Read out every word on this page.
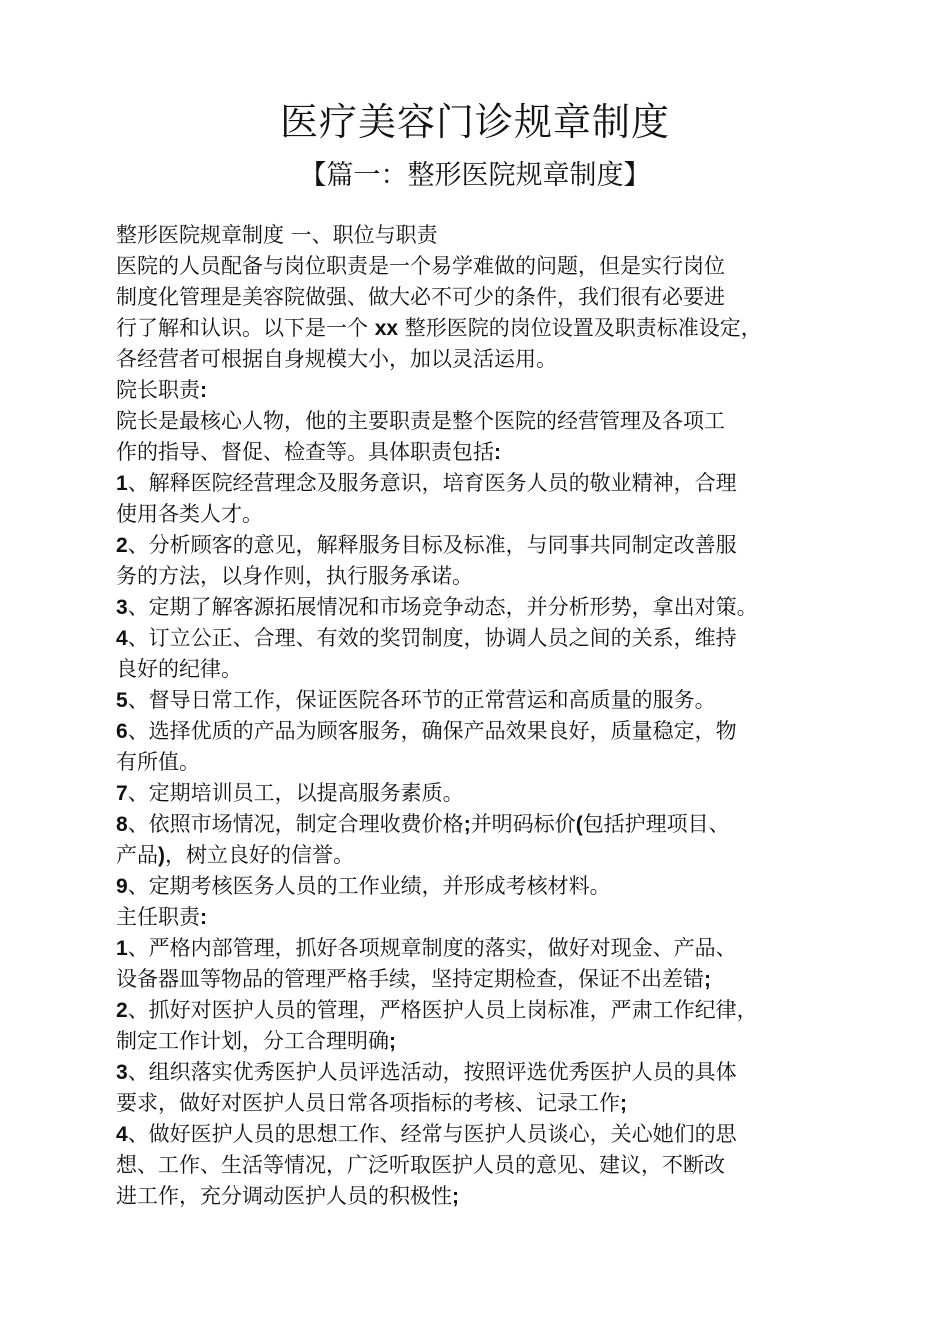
医疗美容门诊规章制度
【篇一：整形医院规章制度】
整形医院规章制度 一、职位与职责
医院的人员配备与岗位职责是一个易学难做的问题，但是实行岗位
制度化管理是美容院做强、做大必不可少的条件，我们很有必要进
行了解和认识。以下是一个 xx 整形医院的岗位设置及职责标准设定，
各经营者可根据自身规模大小，加以灵活运用。
院长职责:
院长是最核心人物，他的主要职责是整个医院的经营管理及各项工
作的指导、督促、检查等。具体职责包括:
1、解释医院经营理念及服务意识，培育医务人员的敬业精神，合理
使用各类人才。
2、分析顾客的意见，解释服务目标及标准，与同事共同制定改善服
务的方法，以身作则，执行服务承诺。
3、定期了解客源拓展情况和市场竞争动态，并分析形势，拿出对策。
4、订立公正、合理、有效的奖罚制度，协调人员之间的关系，维持
良好的纪律。
5、督导日常工作，保证医院各环节的正常营运和高质量的服务。
6、选择优质的产品为顾客服务，确保产品效果良好，质量稳定，物
有所值。
7、定期培训员工，以提高服务素质。
8、依照市场情况，制定合理收费价格;并明码标价(包括护理项目、
产品)，树立良好的信誉。
9、定期考核医务人员的工作业绩，并形成考核材料。
主任职责:
1、严格内部管理，抓好各项规章制度的落实，做好对现金、产品、
设备器皿等物品的管理严格手续，坚持定期检查，保证不出差错;
2、抓好对医护人员的管理，严格医护人员上岗标准，严肃工作纪律，
制定工作计划，分工合理明确;
3、组织落实优秀医护人员评选活动，按照评选优秀医护人员的具体
要求，做好对医护人员日常各项指标的考核、记录工作;
4、做好医护人员的思想工作、经常与医护人员谈心，关心她们的思
想、工作、生活等情况，广泛听取医护人员的意见、建议，不断改
进工作，充分调动医护人员的积极性;
